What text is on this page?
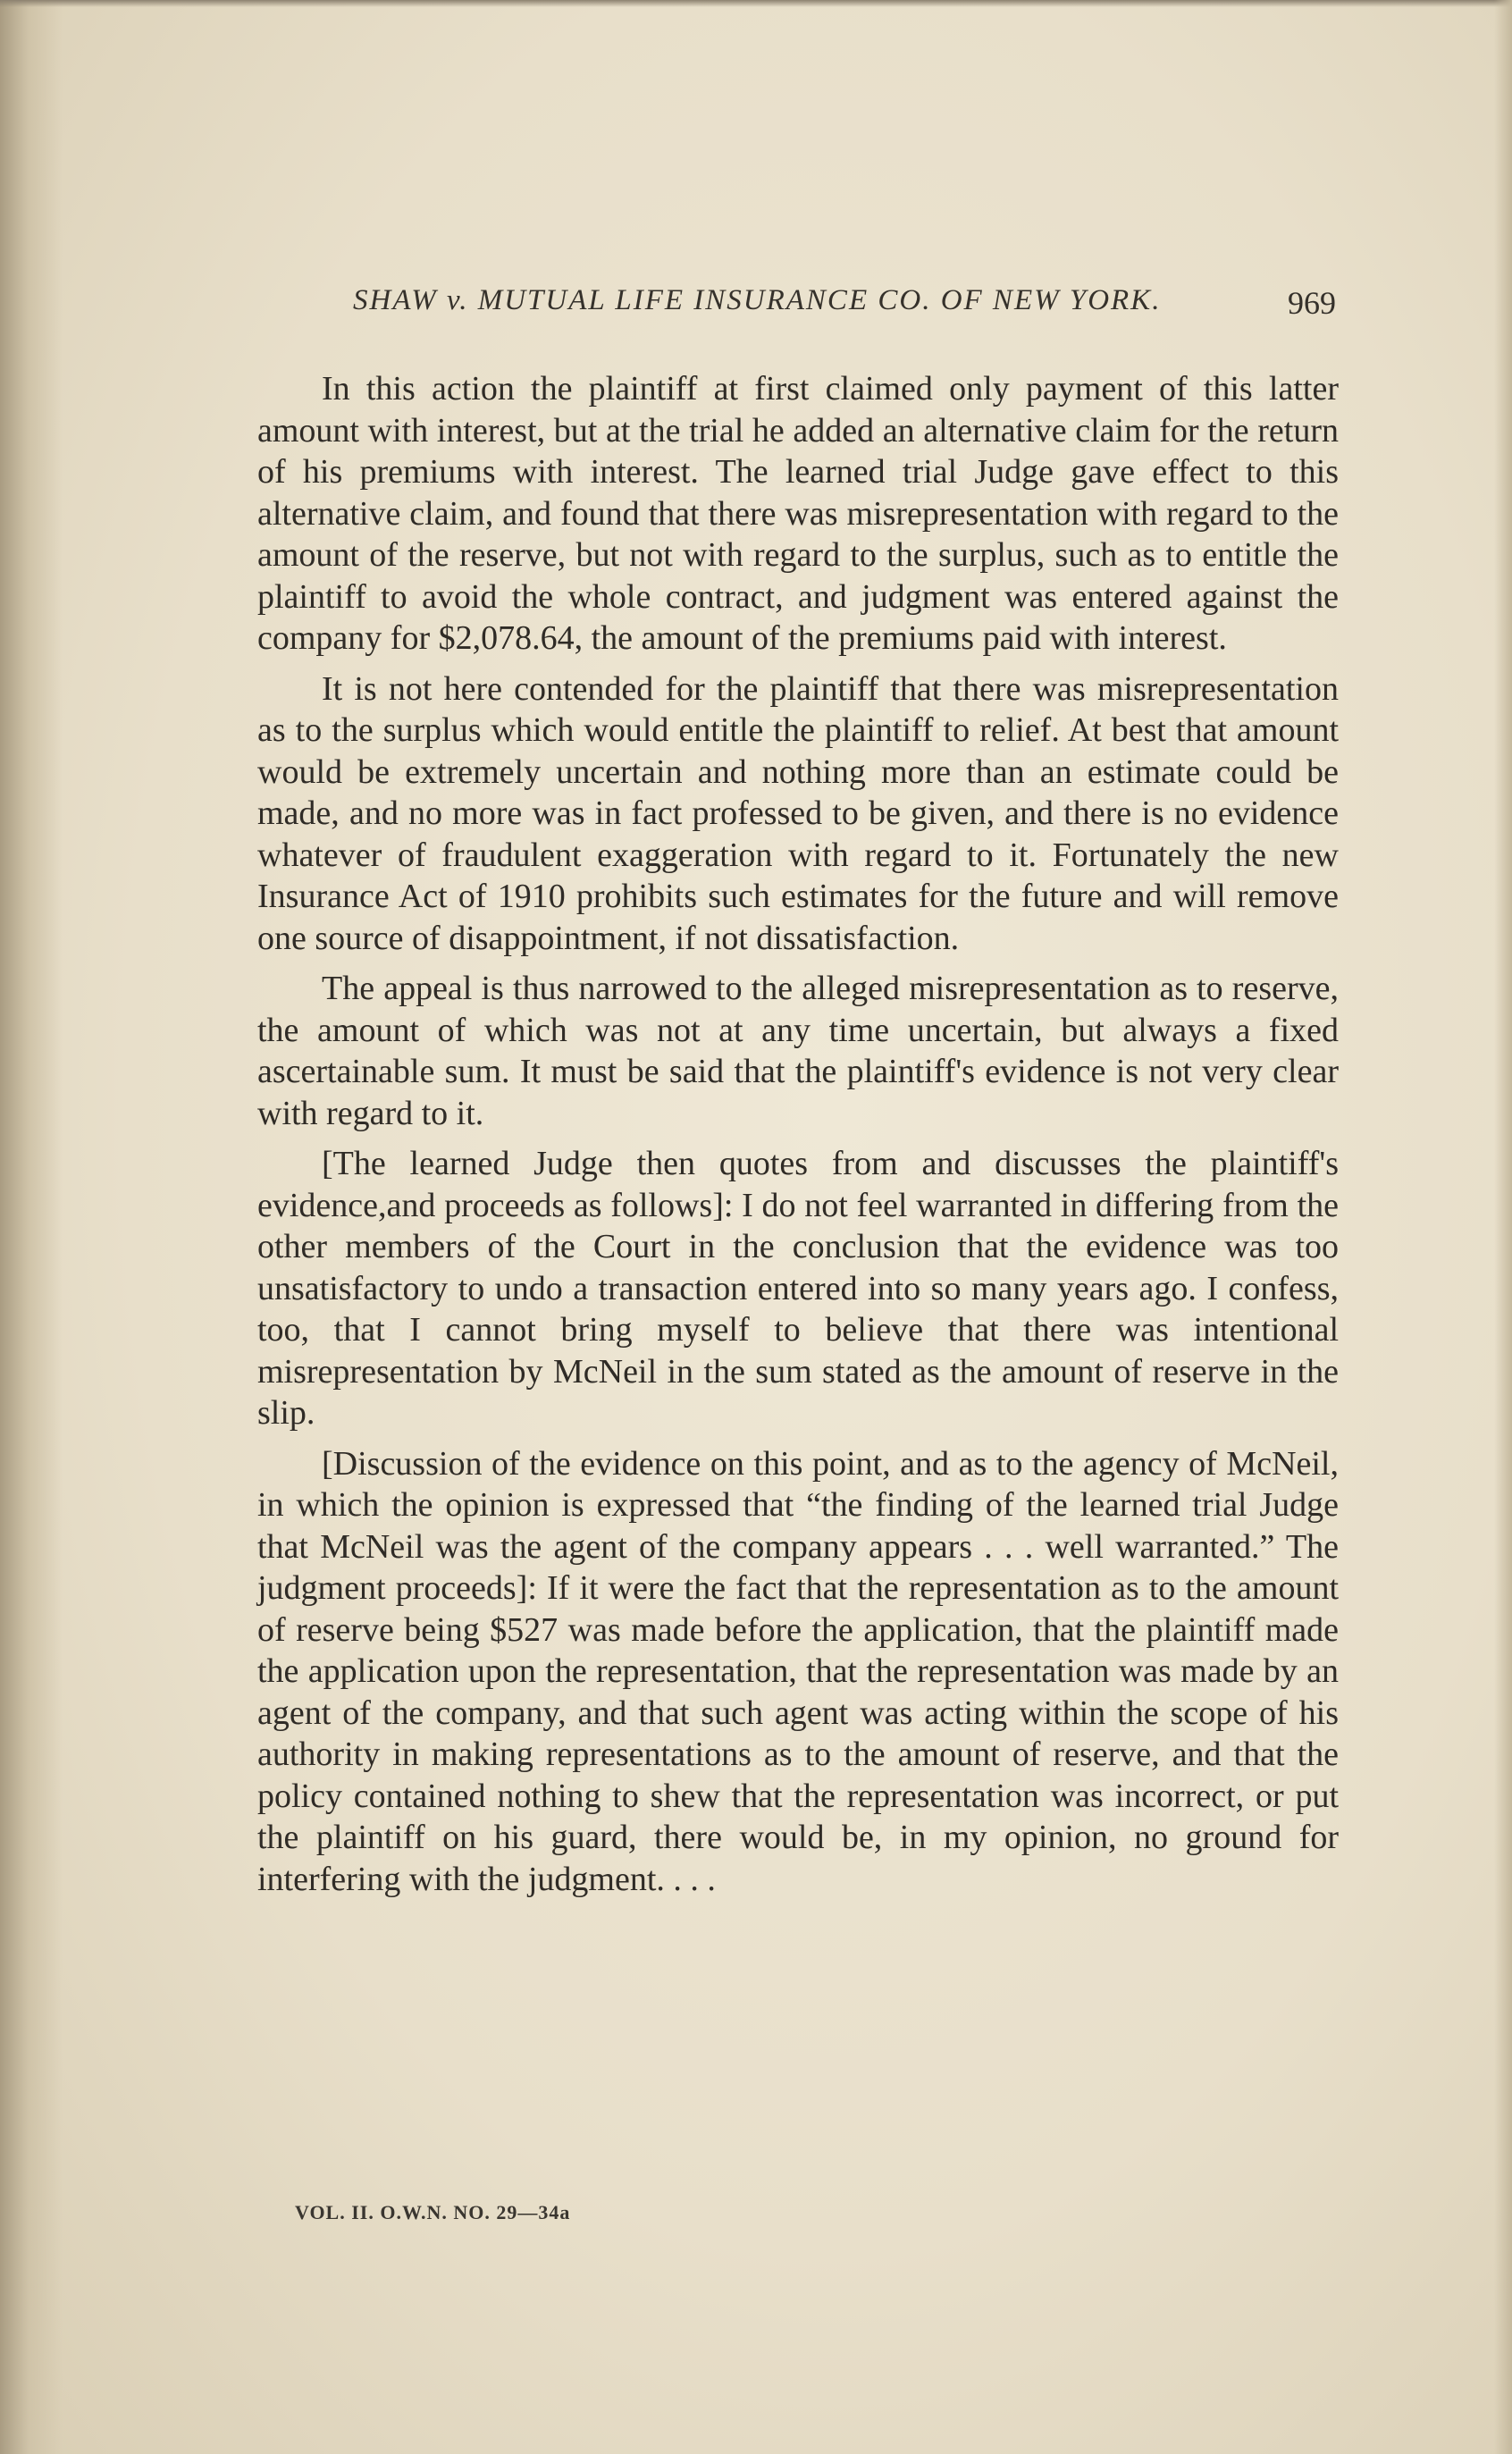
SHAW v. MUTUAL LIFE INSURANCE CO. OF NEW YORK.	969

In this action the plaintiff at first claimed only payment of this latter amount with interest, but at the trial he added an alternative claim for the return of his premiums with interest. The learned trial Judge gave effect to this alternative claim, and found that there was misrepresentation with regard to the amount of the reserve, but not with regard to the surplus, such as to entitle the plaintiff to avoid the whole contract, and judgment was entered against the company for $2,078.64, the amount of the premiums paid with interest.

It is not here contended for the plaintiff that there was misrepresentation as to the surplus which would entitle the plaintiff to relief. At best that amount would be extremely uncertain and nothing more than an estimate could be made, and no more was in fact professed to be given, and there is no evidence whatever of fraudulent exaggeration with regard to it. Fortunately the new Insurance Act of 1910 prohibits such estimates for the future and will remove one source of disappointment, if not dissatisfaction.

The appeal is thus narrowed to the alleged misrepresentation as to reserve, the amount of which was not at any time uncertain, but always a fixed ascertainable sum. It must be said that the plaintiff's evidence is not very clear with regard to it.

[The learned Judge then quotes from and discusses the plaintiff's evidence,and proceeds as follows]: I do not feel warranted in differing from the other members of the Court in the conclusion that the evidence was too unsatisfactory to undo a transaction entered into so many years ago. I confess, too, that I cannot bring myself to believe that there was intentional misrepresentation by McNeil in the sum stated as the amount of reserve in the slip.

[Discussion of the evidence on this point, and as to the agency of McNeil, in which the opinion is expressed that “the finding of the learned trial Judge that McNeil was the agent of the company appears . . . well warranted.” The judgment proceeds]: If it were the fact that the representation as to the amount of reserve being $527 was made before the application, that the plaintiff made the application upon the representation, that the representation was made by an agent of the company, and that such agent was acting within the scope of his authority in making representations as to the amount of reserve, and that the policy contained nothing to shew that the representation was incorrect, or put the plaintiff on his guard, there would be, in my opinion, no ground for interfering with the judgment. . . .

VOL. II. O.W.N. NO. 29—34a
